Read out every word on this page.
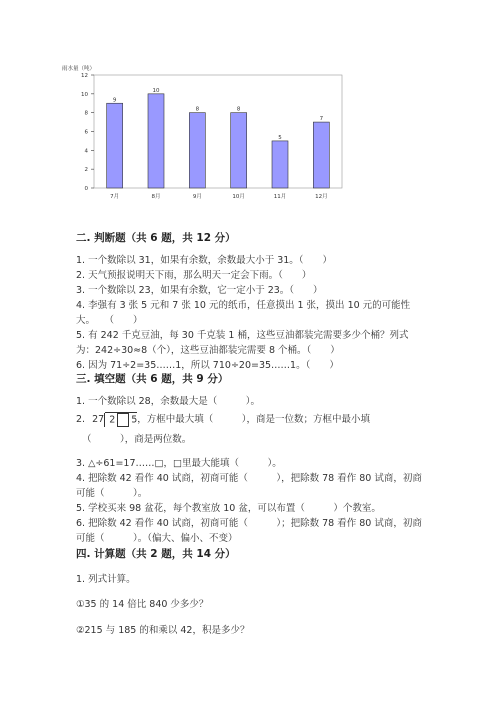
雨水量（吨）
0
2
4
6
8
10
12
9
7月
10
8月
8
9月
8
10月
5
11月
7
12月
二. 判断题（共 6 题，共 12 分）

1. 一个数除以 31，如果有余数，余数最大小于 31。（　　）

2. 天气预报说明天下雨，那么明天一定会下雨。（　　）

3. 一个数除以 23，如果有余数，它一定小于 23。（　　）

4. 李强有 3 张 5 元和 7 张 10 元的纸币，任意摸出 1 张，摸出 10 元的可能性

大。　　（　　）

5. 有 242 千克豆油，每 30 千克装 1 桶，这些豆油都装完需要多少个桶？列式

为：242÷30≈8（个），这些豆油都装完需要 8 个桶。（　　）

6. 因为 71÷2=35……1，所以 710÷20=35……1。（　　）

三. 填空题（共 6 题，共 9 分）

1. 一个数除以 28，余数最大是（　　　）。

2. 27 2 5，方框中最大填（　　　），商是一位数；方框中最小填

（　　　），商是两位数。

3. △÷61=17……□，□里最大能填（　　　）。

4. 把除数 42 看作 40 试商，初商可能（　　　），把除数 78 看作 80 试商，初商

可能（　　　）。

5. 学校买来 98 盆花，每个教室放 10 盆，可以布置（　　　）个教室。

6. 把除数 42 看作 40 试商，初商可能（　　　）；把除数 78 看作 80 试商，初商

可能（　　　）。（偏大、偏小、不变）

四. 计算题（共 2 题，共 14 分）

1. 列式计算。

①35 的 14 倍比 840 少多少？

②215 与 185 的和乘以 42，积是多少？
